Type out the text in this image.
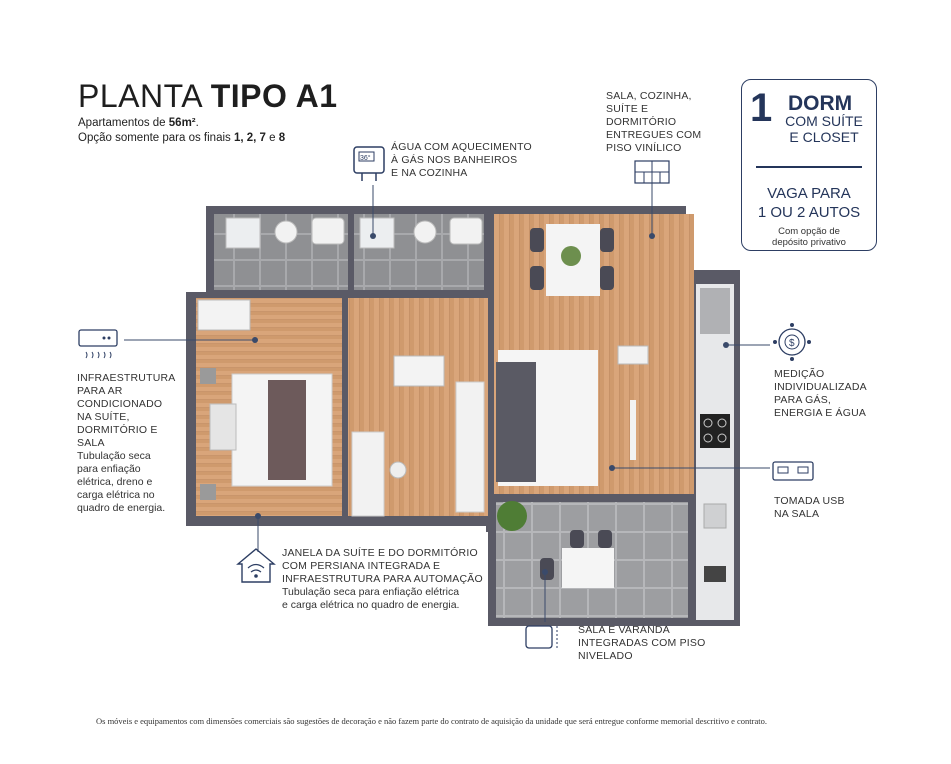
PLANTA TIPO A1
Apartamentos de 56m².
Opção somente para os finais 1, 2, 7 e 8
1 DORM
COM SUÍTE
E CLOSET
VAGA PARA
1 OU 2 AUTOS
Com opção de
depósito privativo
36°
$
ÁGUA COM AQUECIMENTO
À GÁS NOS BANHEIROS
E NA COZINHA
SALA, COZINHA,
SUÍTE E
DORMITÓRIO
ENTREGUES COM
PISO VINÍLICO
INFRAESTRUTURA
PARA AR
CONDICIONADO
NA SUÍTE,
DORMITÓRIO E
SALA
Tubulação seca
para enfiação
elétrica, dreno e
carga elétrica no
quadro de energia.
MEDIÇÃO
INDIVIDUALIZADA
PARA GÁS,
ENERGIA E ÁGUA
TOMADA USB
NA SALA
JANELA DA SUÍTE E DO DORMITÓRIO
COM PERSIANA INTEGRADA E
INFRAESTRUTURA PARA AUTOMAÇÃO
Tubulação seca para enfiação elétrica
e carga elétrica no quadro de energia.
SALA E VARANDA
INTEGRADAS COM PISO
NIVELADO
Os móveis e equipamentos com dimensões comerciais são sugestões de decoração e não fazem parte do contrato de aquisição da unidade que será entregue conforme memorial descritivo e contrato.
